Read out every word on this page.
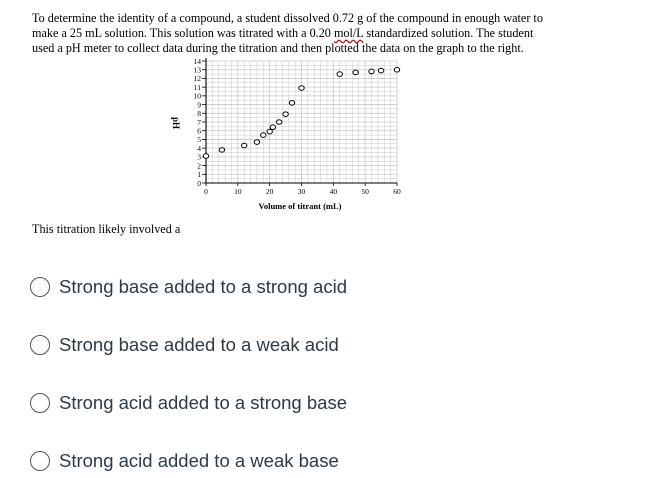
To determine the identity of a compound, a student dissolved 0.72 g of the compound in enough water to
make a 25 mL solution. This solution was titrated with a 0.20 mol/L standardized solution. The student
used a pH meter to collect data during the titration and then plotted the data on the graph to the right.
0
1
2
3
4
5
6
7
8
9
10
11
12
13
14
0	10	20	30	40	50	60
pH
Volume of titrant (mL)
This titration likely involved a
Strong base added to a strong acid
Strong base added to a weak acid
Strong acid added to a strong base
Strong acid added to a weak base
